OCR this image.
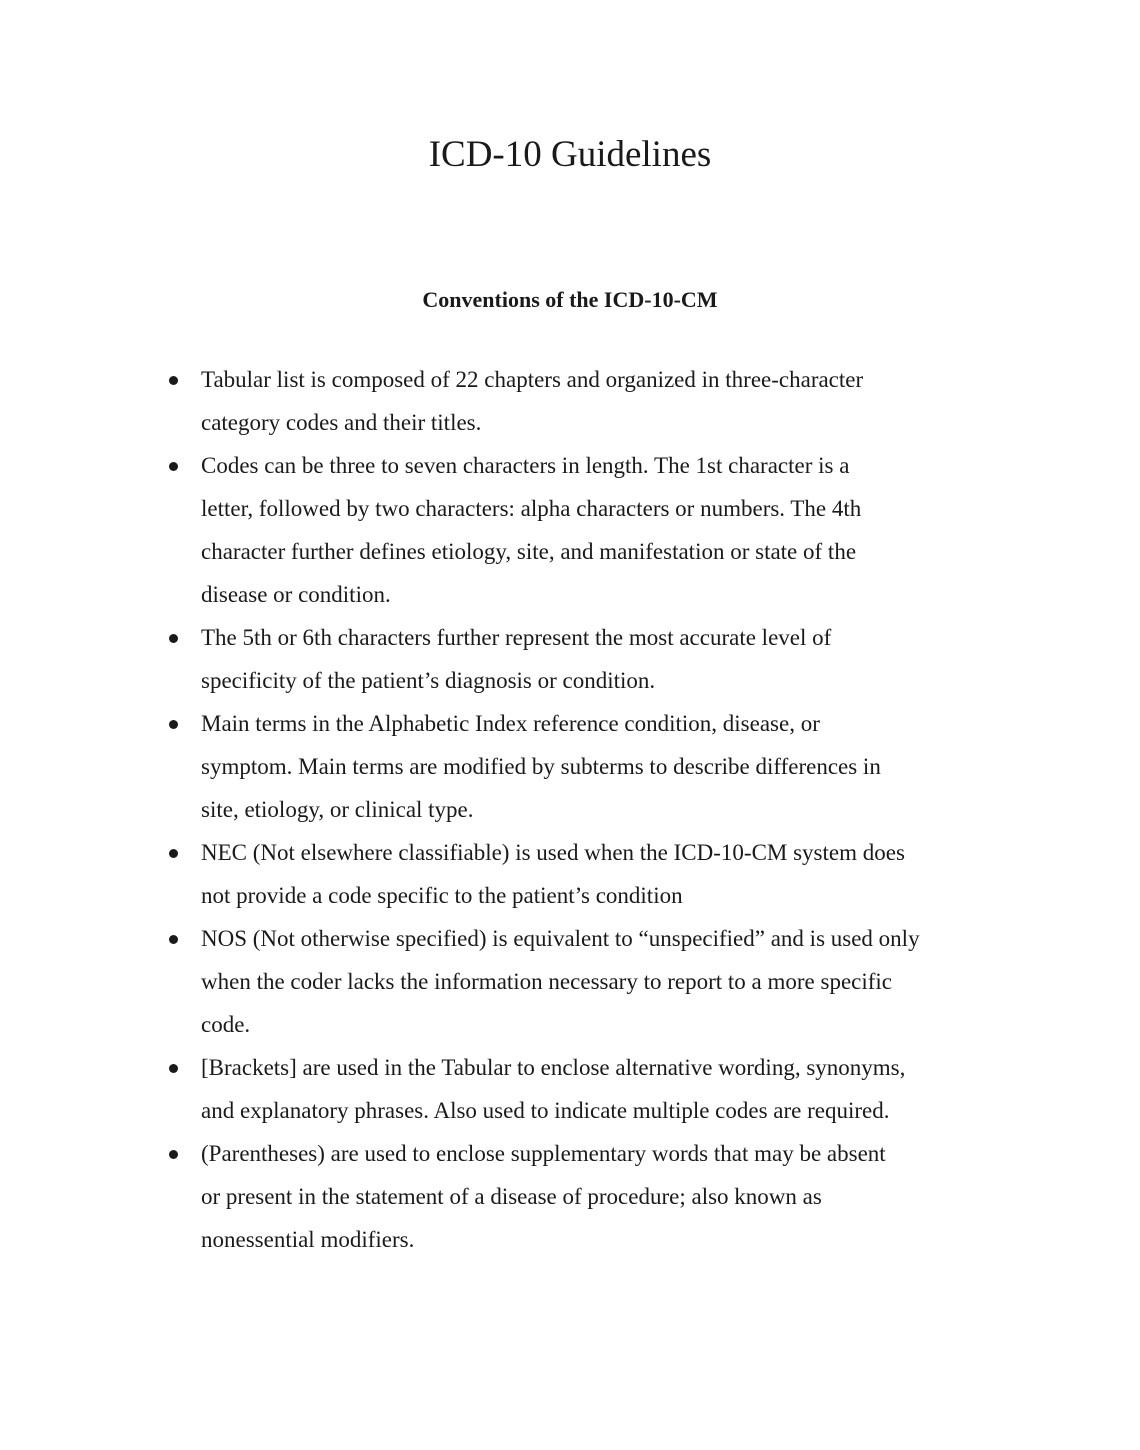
ICD-10 Guidelines
Conventions of the ICD-10-CM
Tabular list is composed of 22 chapters and organized in three-character
category codes and their titles.
Codes can be three to seven characters in length. The 1st character is a
letter, followed by two characters: alpha characters or numbers. The 4th
character further defines etiology, site, and manifestation or state of the
disease or condition.
The 5th or 6th characters further represent the most accurate level of
specificity of the patient’s diagnosis or condition.
Main terms in the Alphabetic Index reference condition, disease, or
symptom. Main terms are modified by subterms to describe differences in
site, etiology, or clinical type.
NEC (Not elsewhere classifiable) is used when the ICD-10-CM system does
not provide a code specific to the patient’s condition
NOS (Not otherwise specified) is equivalent to “unspecified” and is used only
when the coder lacks the information necessary to report to a more specific
code.
[Brackets] are used in the Tabular to enclose alternative wording, synonyms,
and explanatory phrases. Also used to indicate multiple codes are required.
(Parentheses) are used to enclose supplementary words that may be absent
or present in the statement of a disease of procedure; also known as
nonessential modifiers.
